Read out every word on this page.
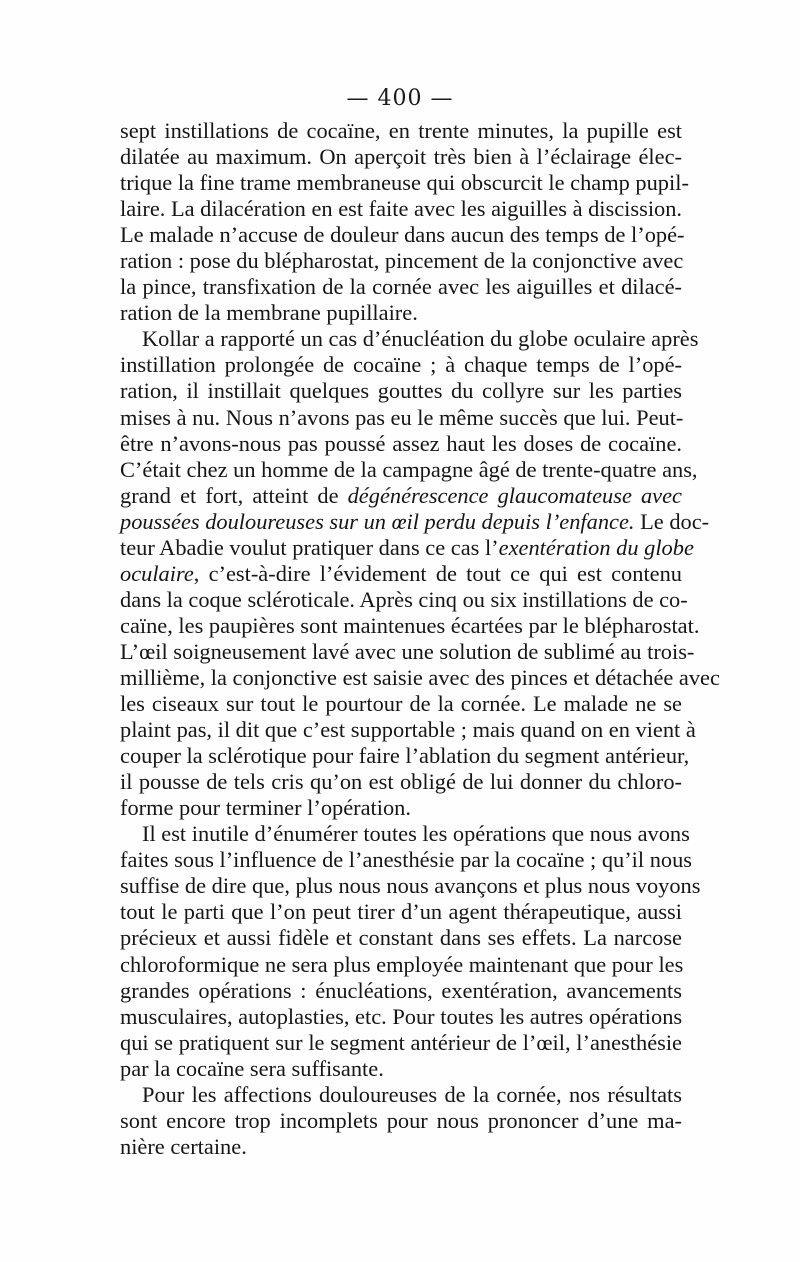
— 400 —

sept instillations de cocaïne, en trente minutes, la pupille est
dilatée au maximum. On aperçoit très bien à l’éclairage élec-
trique la fine trame membraneuse qui obscurcit le champ pupil-
laire. La dilacération en est faite avec les aiguilles à discission.
Le malade n’accuse de douleur dans aucun des temps de l’opé-
ration : pose du blépharostat, pincement de la conjonctive avec
la pince, transfixation de la cornée avec les aiguilles et dilacé-
ration de la membrane pupillaire.

Kollar a rapporté un cas d’énucléation du globe oculaire après
instillation prolongée de cocaïne ; à chaque temps de l’opé-
ration, il instillait quelques gouttes du collyre sur les parties
mises à nu. Nous n’avons pas eu le même succès que lui. Peut-
être n’avons-nous pas poussé assez haut les doses de cocaïne.
C’était chez un homme de la campagne âgé de trente-quatre ans,
grand et fort, atteint de dégénérescence glaucomateuse avec
poussées douloureuses sur un œil perdu depuis l’enfance. Le doc-
teur Abadie voulut pratiquer dans ce cas l’exentération du globe
oculaire, c’est-à-dire l’évidement de tout ce qui est contenu
dans la coque scléroticale. Après cinq ou six instillations de co-
caïne, les paupières sont maintenues écartées par le blépharostat.
L’œil soigneusement lavé avec une solution de sublimé au trois-
millième, la conjonctive est saisie avec des pinces et détachée avec
les ciseaux sur tout le pourtour de la cornée. Le malade ne se
plaint pas, il dit que c’est supportable ; mais quand on en vient à
couper la sclérotique pour faire l’ablation du segment antérieur,
il pousse de tels cris qu’on est obligé de lui donner du chloro-
forme pour terminer l’opération.

Il est inutile d’énumérer toutes les opérations que nous avons
faites sous l’influence de l’anesthésie par la cocaïne ; qu’il nous
suffise de dire que, plus nous nous avançons et plus nous voyons
tout le parti que l’on peut tirer d’un agent thérapeutique, aussi
précieux et aussi fidèle et constant dans ses effets. La narcose
chloroformique ne sera plus employée maintenant que pour les
grandes opérations : énucléations, exentération, avancements
musculaires, autoplasties, etc. Pour toutes les autres opérations
qui se pratiquent sur le segment antérieur de l’œil, l’anesthésie
par la cocaïne sera suffisante.

Pour les affections douloureuses de la cornée, nos résultats
sont encore trop incomplets pour nous prononcer d’une ma-
nière certaine.
